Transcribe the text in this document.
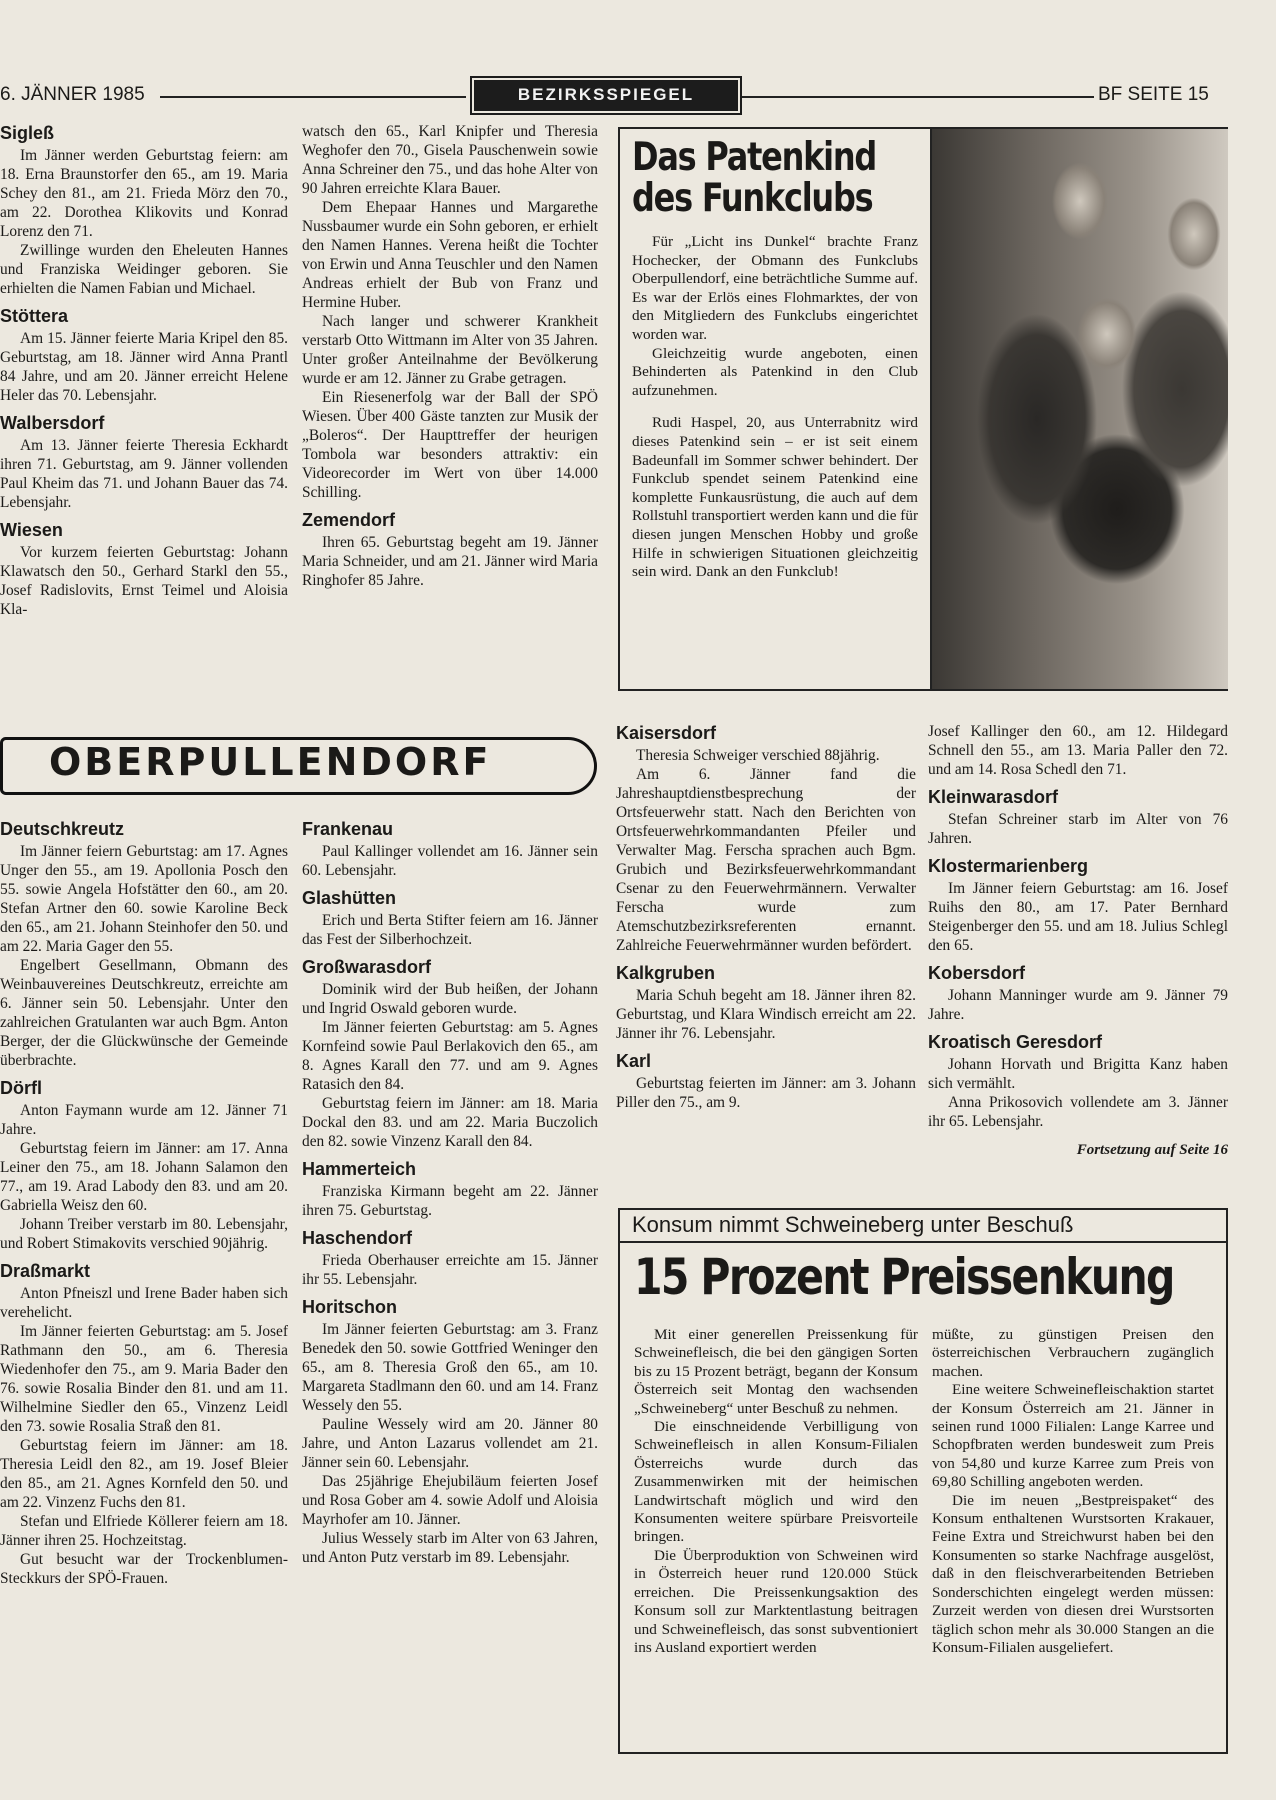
6. JÄNNER 1985	BEZIRKSSPIEGEL	BF SEITE 15
Sigleß

Im Jänner werden Geburtstag feiern: am 18. Erna Braunstorfer den 65., am 19. Maria Schey den 81., am 21. Frieda Mörz den 70., am 22. Dorothea Klikovits und Konrad Lorenz den 71.

Zwillinge wurden den Eheleuten Hannes und Franziska Weidinger geboren. Sie erhielten die Namen Fabian und Michael.

Stöttera

Am 15. Jänner feierte Maria Kripel den 85. Geburtstag, am 18. Jänner wird Anna Prantl 84 Jahre, und am 20. Jänner erreicht Helene Heler das 70. Lebensjahr.

Walbersdorf

Am 13. Jänner feierte Theresia Eckhardt ihren 71. Geburtstag, am 9. Jänner vollenden Paul Kheim das 71. und Johann Bauer das 74. Lebensjahr.

Wiesen

Vor kurzem feierten Geburtstag: Johann Klawatsch den 50., Gerhard Starkl den 55., Josef Radislovits, Ernst Teimel und Aloisia Kla-

watsch den 65., Karl Knipfer und Theresia Weghofer den 70., Gisela Pauschenwein sowie Anna Schreiner den 75., und das hohe Alter von 90 Jahren erreichte Klara Bauer.

Dem Ehepaar Hannes und Margarethe Nussbaumer wurde ein Sohn geboren, er erhielt den Namen Hannes. Verena heißt die Tochter von Erwin und Anna Teuschler und den Namen Andreas erhielt der Bub von Franz und Hermine Huber.

Nach langer und schwerer Krankheit verstarb Otto Wittmann im Alter von 35 Jahren. Unter großer Anteilnahme der Bevölkerung wurde er am 12. Jänner zu Grabe getragen.

Ein Riesenerfolg war der Ball der SPÖ Wiesen. Über 400 Gäste tanzten zur Musik der „Boleros“. Der Haupttreffer der heurigen Tombola war besonders attraktiv: ein Videorecorder im Wert von über 14.000 Schilling.

Zemendorf

Ihren 65. Geburtstag begeht am 19. Jänner Maria Schneider, und am 21. Jänner wird Maria Ringhofer 85 Jahre.

Das Patenkind des Funkclubs

Für „Licht ins Dunkel“ brachte Franz Hochecker, der Obmann des Funkclubs Oberpullendorf, eine beträchtliche Summe auf. Es war der Erlös eines Flohmarktes, der von den Mitgliedern des Funkclubs eingerichtet worden war.

Gleichzeitig wurde angeboten, einen Behinderten als Patenkind in den Club aufzunehmen.

Rudi Haspel, 20, aus Unterrabnitz wird dieses Patenkind sein – er ist seit einem Badeunfall im Sommer schwer behindert. Der Funkclub spendet seinem Patenkind eine komplette Funkausrüstung, die auch auf dem Rollstuhl transportiert werden kann und die für diesen jungen Menschen Hobby und große Hilfe in schwierigen Situationen gleichzeitig sein wird. Dank an den Funkclub!

OBERPULLENDORF
Deutschkreutz

Im Jänner feiern Geburtstag: am 17. Agnes Unger den 55., am 19. Apollonia Posch den 55. sowie Angela Hofstätter den 60., am 20. Stefan Artner den 60. sowie Karoline Beck den 65., am 21. Johann Steinhofer den 50. und am 22. Maria Gager den 55.

Engelbert Gesellmann, Obmann des Weinbauvereines Deutschkreutz, erreichte am 6. Jänner sein 50. Lebensjahr. Unter den zahlreichen Gratulanten war auch Bgm. Anton Berger, der die Glückwünsche der Gemeinde überbrachte.

Dörfl

Anton Faymann wurde am 12. Jänner 71 Jahre.

Geburtstag feiern im Jänner: am 17. Anna Leiner den 75., am 18. Johann Salamon den 77., am 19. Arad Labody den 83. und am 20. Gabriella Weisz den 60.

Johann Treiber verstarb im 80. Lebensjahr, und Robert Stimakovits verschied 90jährig.

Draßmarkt

Anton Pfneiszl und Irene Bader haben sich verehelicht.

Im Jänner feierten Geburtstag: am 5. Josef Rathmann den 50., am 6. Theresia Wiedenhofer den 75., am 9. Maria Bader den 76. sowie Rosalia Binder den 81. und am 11. Wilhelmine Siedler den 65., Vinzenz Leidl den 73. sowie Rosalia Straß den 81.

Geburtstag feiern im Jänner: am 18. Theresia Leidl den 82., am 19. Josef Bleier den 85., am 21. Agnes Kornfeld den 50. und am 22. Vinzenz Fuchs den 81.

Stefan und Elfriede Köllerer feiern am 18. Jänner ihren 25. Hochzeitstag.

Gut besucht war der Trockenblumen-Steckkurs der SPÖ-Frauen.

Frankenau

Paul Kallinger vollendet am 16. Jänner sein 60. Lebensjahr.

Glashütten

Erich und Berta Stifter feiern am 16. Jänner das Fest der Silberhochzeit.

Großwarasdorf

Dominik wird der Bub heißen, der Johann und Ingrid Oswald geboren wurde.

Im Jänner feierten Geburtstag: am 5. Agnes Kornfeind sowie Paul Berlakovich den 65., am 8. Agnes Karall den 77. und am 9. Agnes Ratasich den 84.

Geburtstag feiern im Jänner: am 18. Maria Dockal den 83. und am 22. Maria Buczolich den 82. sowie Vinzenz Karall den 84.

Hammerteich

Franziska Kirmann begeht am 22. Jänner ihren 75. Geburtstag.

Haschendorf

Frieda Oberhauser erreichte am 15. Jänner ihr 55. Lebensjahr.

Horitschon

Im Jänner feierten Geburtstag: am 3. Franz Benedek den 50. sowie Gottfried Weninger den 65., am 8. Theresia Groß den 65., am 10. Margareta Stadlmann den 60. und am 14. Franz Wessely den 55.

Pauline Wessely wird am 20. Jänner 80 Jahre, und Anton Lazarus vollendet am 21. Jänner sein 60. Lebensjahr.

Das 25jährige Ehejubiläum feierten Josef und Rosa Gober am 4. sowie Adolf und Aloisia Mayrhofer am 10. Jänner.

Julius Wessely starb im Alter von 63 Jahren, und Anton Putz verstarb im 89. Lebensjahr.

Kaisersdorf

Theresia Schweiger verschied 88jährig.

Am 6. Jänner fand die Jahreshauptdienstbesprechung der Ortsfeuerwehr statt. Nach den Berichten von Ortsfeuerwehrkommandanten Pfeiler und Verwalter Mag. Ferscha sprachen auch Bgm. Grubich und Bezirksfeuerwehrkommandant Csenar zu den Feuerwehrmännern. Verwalter Ferscha wurde zum Atemschutzbezirksreferenten ernannt. Zahlreiche Feuerwehrmänner wurden befördert.

Kalkgruben

Maria Schuh begeht am 18. Jänner ihren 82. Geburtstag, und Klara Windisch erreicht am 22. Jänner ihr 76. Lebensjahr.

Karl

Geburtstag feierten im Jänner: am 3. Johann Piller den 75., am 9.

Josef Kallinger den 60., am 12. Hildegard Schnell den 55., am 13. Maria Paller den 72. und am 14. Rosa Schedl den 71.

Kleinwarasdorf

Stefan Schreiner starb im Alter von 76 Jahren.

Klostermarienberg

Im Jänner feiern Geburtstag: am 16. Josef Ruihs den 80., am 17. Pater Bernhard Steigenberger den 55. und am 18. Julius Schlegl den 65.

Kobersdorf

Johann Manninger wurde am 9. Jänner 79 Jahre.

Kroatisch Geresdorf

Johann Horvath und Brigitta Kanz haben sich vermählt.

Anna Prikosovich vollendete am 3. Jänner ihr 65. Lebensjahr.

Fortsetzung auf Seite 16
Konsum nimmt Schweineberg unter Beschuß
15 Prozent Preissenkung

Mit einer generellen Preissenkung für Schweinefleisch, die bei den gängigen Sorten bis zu 15 Prozent beträgt, begann der Konsum Österreich seit Montag den wachsenden „Schweineberg“ unter Beschuß zu nehmen.

Die einschneidende Verbilligung von Schweinefleisch in allen Konsum-Filialen Österreichs wurde durch das Zusammenwirken mit der heimischen Landwirtschaft möglich und wird den Konsumenten weitere spürbare Preisvorteile bringen.

Die Überproduktion von Schweinen wird in Österreich heuer rund 120.000 Stück erreichen. Die Preissenkungsaktion des Konsum soll zur Marktentlastung beitragen und Schweinefleisch, das sonst subventioniert ins Ausland exportiert werden

müßte, zu günstigen Preisen den österreichischen Verbrauchern zugänglich machen.

Eine weitere Schweinefleischaktion startet der Konsum Österreich am 21. Jänner in seinen rund 1000 Filialen: Lange Karree und Schopfbraten werden bundesweit zum Preis von 54,80 und kurze Karree zum Preis von 69,80 Schilling angeboten werden.

Die im neuen „Bestpreispaket“ des Konsum enthaltenen Wurstsorten Krakauer, Feine Extra und Streichwurst haben bei den Konsumenten so starke Nachfrage ausgelöst, daß in den fleischverarbeitenden Betrieben Sonderschichten eingelegt werden müssen: Zurzeit werden von diesen drei Wurstsorten täglich schon mehr als 30.000 Stangen an die Konsum-Filialen ausgeliefert.
